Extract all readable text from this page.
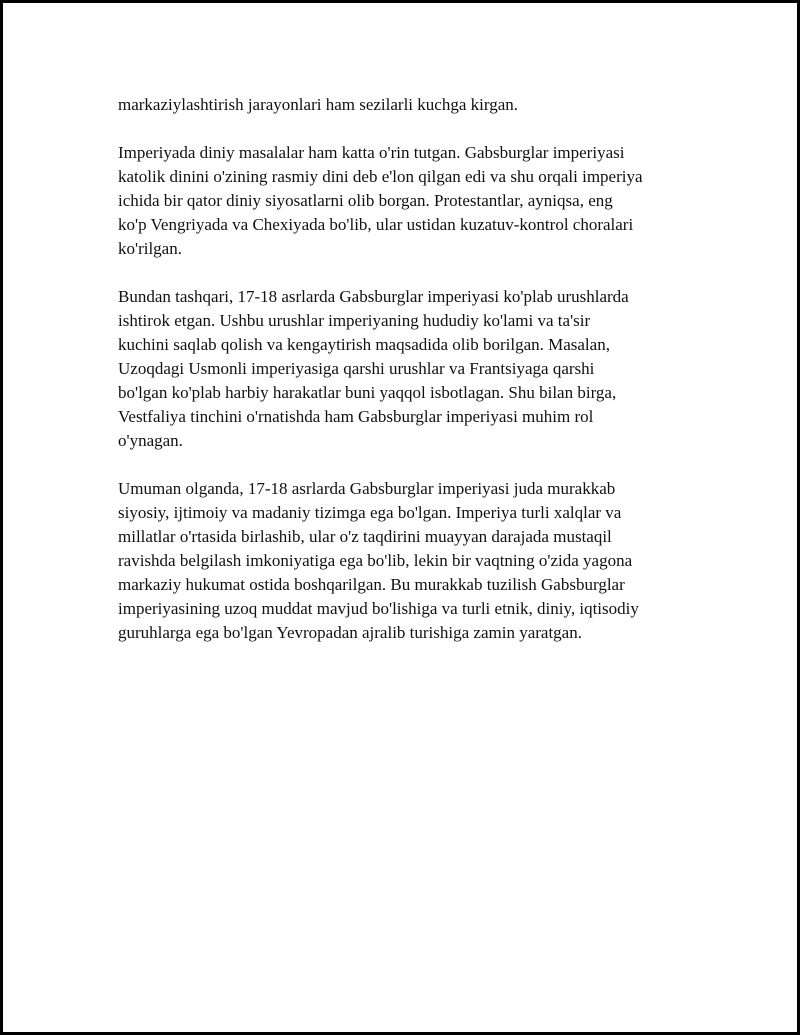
markaziylashtirish jarayonlari ham sezilarli kuchga kirgan.
Imperiyada diniy masalalar ham katta o'rin tutgan. Gabsburglar imperiyasi
katolik dinini o'zining rasmiy dini deb e'lon qilgan edi va shu orqali imperiya
ichida bir qator diniy siyosatlarni olib borgan. Protestantlar, ayniqsa, eng
ko'p Vengriyada va Chexiyada bo'lib, ular ustidan kuzatuv-kontrol choralari
ko'rilgan.
Bundan tashqari, 17-18 asrlarda Gabsburglar imperiyasi ko'plab urushlarda
ishtirok etgan. Ushbu urushlar imperiyaning hududiy ko'lami va ta'sir
kuchini saqlab qolish va kengaytirish maqsadida olib borilgan. Masalan,
Uzoqdagi Usmonli imperiyasiga qarshi urushlar va Frantsiyaga qarshi
bo'lgan ko'plab harbiy harakatlar buni yaqqol isbotlagan. Shu bilan birga,
Vestfaliya tinchini o'rnatishda ham Gabsburglar imperiyasi muhim rol
o'ynagan.
Umuman olganda, 17-18 asrlarda Gabsburglar imperiyasi juda murakkab
siyosiy, ijtimoiy va madaniy tizimga ega bo'lgan. Imperiya turli xalqlar va
millatlar o'rtasida birlashib, ular o'z taqdirini muayyan darajada mustaqil
ravishda belgilash imkoniyatiga ega bo'lib, lekin bir vaqtning o'zida yagona
markaziy hukumat ostida boshqarilgan. Bu murakkab tuzilish Gabsburglar
imperiyasining uzoq muddat mavjud bo'lishiga va turli etnik, diniy, iqtisodiy
guruhlarga ega bo'lgan Yevropadan ajralib turishiga zamin yaratgan.
